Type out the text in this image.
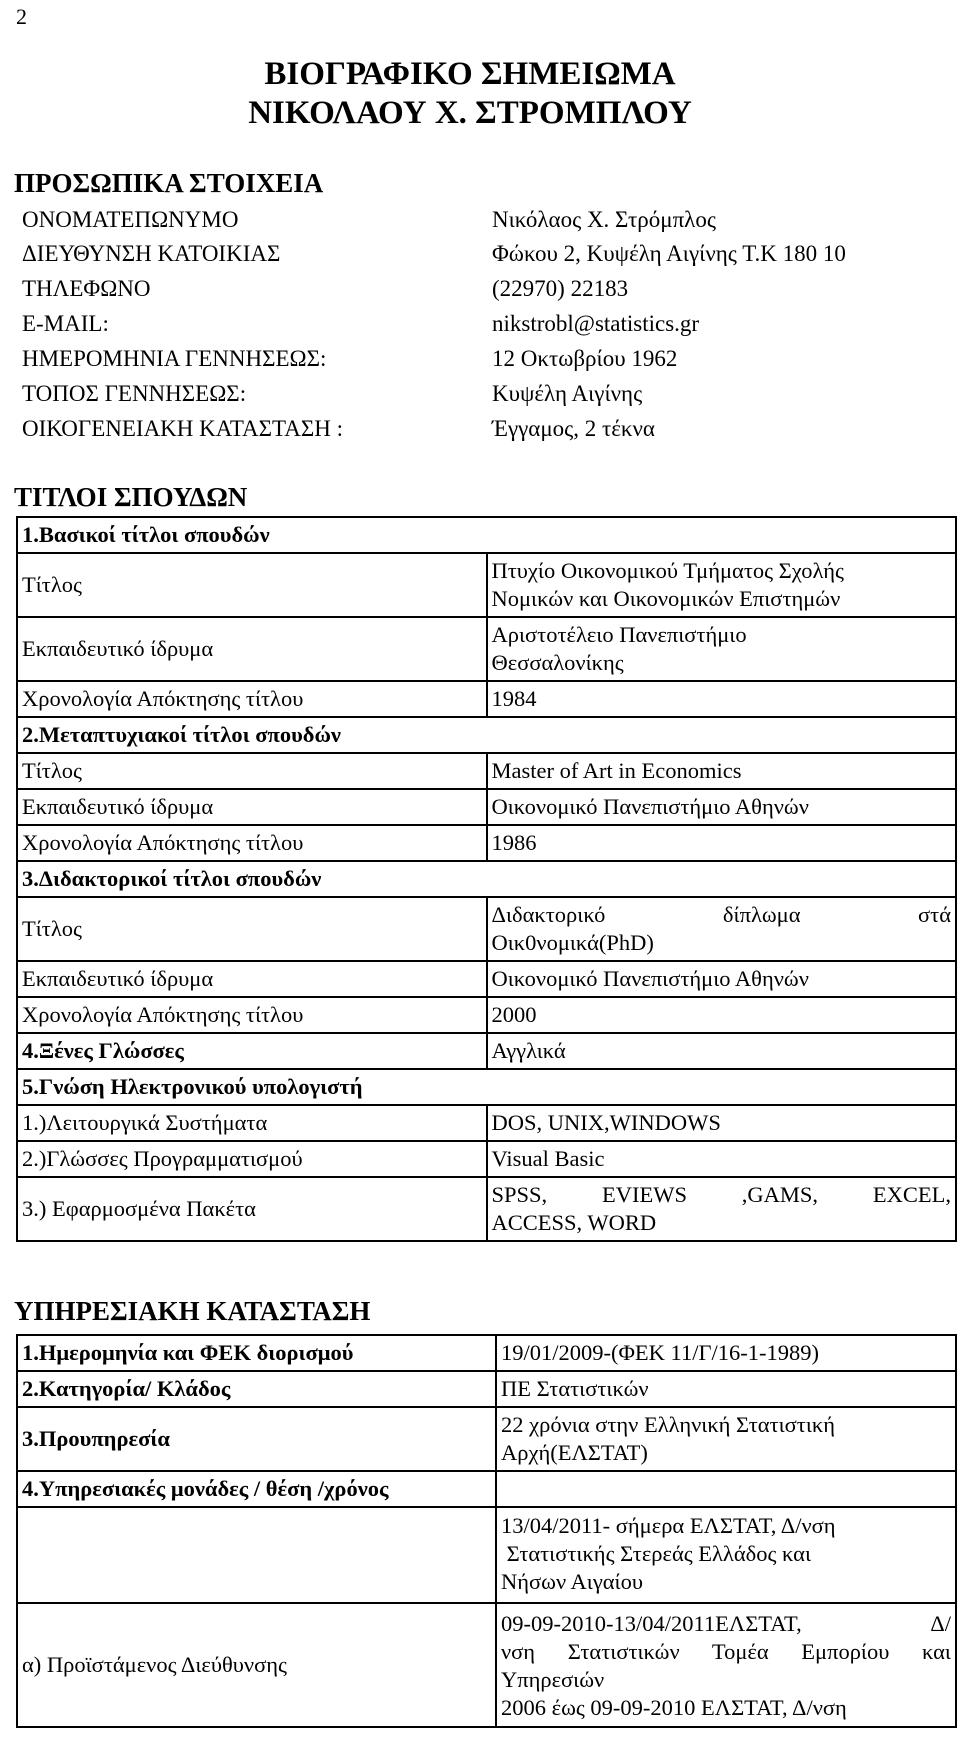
2
ΒΙΟΓΡΑΦΙΚΟ ΣΗΜΕΙΩΜΑ
ΝΙΚΟΛΑΟΥ Χ. ΣΤΡΟΜΠΛΟΥ
ΠΡΟΣΩΠΙΚΑ ΣΤΟΙΧΕΙΑ
ΟΝΟΜΑΤΕΠΩΝΥΜΟ	Νικόλαος Χ. Στρόμπλος
ΔΙΕΥΘΥΝΣΗ ΚΑΤΟΙΚΙΑΣ	Φώκου 2, Κυψέλη Αιγίνης Τ.Κ 180 10
ΤΗΛΕΦΩΝΟ	(22970) 22183
E-MAIL:	nikstrobl@statistics.gr
ΗΜΕΡΟΜΗΝΙΑ ΓΕΝΝΗΣΕΩΣ:	12 Οκτωβρίου 1962
ΤΟΠΟΣ ΓΕΝΝΗΣΕΩΣ:	Κυψέλη Αιγίνης
ΟΙΚΟΓΕΝΕΙΑΚΗ ΚΑΤΑΣΤΑΣΗ :	Έγγαμος, 2 τέκνα
ΤΙΤΛΟΙ ΣΠΟΥΔΩΝ
1.Βασικοί τίτλοι σπουδών	
Τίτλος	Πτυχίο Οικονομικού Τμήματος Σχολής
Νομικών και Οικονομικών Επιστημών

Εκπαιδευτικό ίδρυμα	Αριστοτέλειο Πανεπιστήμιο
Θεσσαλονίκης

Χρονολογία Απόκτησης τίτλου	1984
2.Μεταπτυχιακοί τίτλοι σπουδών	
Τίτλος	Master of Art in Economics
Εκπαιδευτικό ίδρυμα	Οικονομικό Πανεπιστήμιο Αθηνών
Χρονολογία Απόκτησης τίτλου	1986
3.Διδακτορικοί τίτλοι σπουδών	
Τίτλος	Διδακτορικό δίπλωμα στά
Οικ0νομικά(PhD)

Εκπαιδευτικό ίδρυμα	Οικονομικό Πανεπιστήμιο Αθηνών
Χρονολογία Απόκτησης τίτλου	2000
4.Ξένες Γλώσσες	Αγγλικά
5.Γνώση Ηλεκτρονικού υπολογιστή	
1.)Λειτουργικά Συστήματα	DOS, UNIX,WINDOWS
2.)Γλώσσες Προγραμματισμού	Visual Basic
3.) Εφαρμοσμένα Πακέτα	SPSS, EVIEWS ,GAMS, EXCEL,
ACCESS, WORD
ΥΠΗΡΕΣΙΑΚΗ ΚΑΤΑΣΤΑΣΗ
1.Ημερομηνία και ΦΕΚ διορισμού	19/01/2009-(ΦΕΚ 11/Γ/16-1-1989)
2.Κατηγορία/ Κλάδος	ΠΕ Στατιστικών
3.Προυπηρεσία	22 χρόνια στην Ελληνική Στατιστική
Αρχή(ΕΛΣΤΑΤ)

4.Υπηρεσιακές μονάδες / θέση /χρόνος	

	13/04/2011- σήμερα ΕΛΣΤΑΤ, Δ/νση
Στατιστικής Στερεάς Ελλάδος και
Νήσων Αιγαίου

α) Προϊστάμενος Διεύθυνσης	09-09-2010-13/04/2011ΕΛΣΤΑΤ, Δ/
νση Στατιστικών Τομέα Εμπορίου και
Υπηρεσιών
2006 έως 09-09-2010 ΕΛΣΤΑΤ, Δ/νση
